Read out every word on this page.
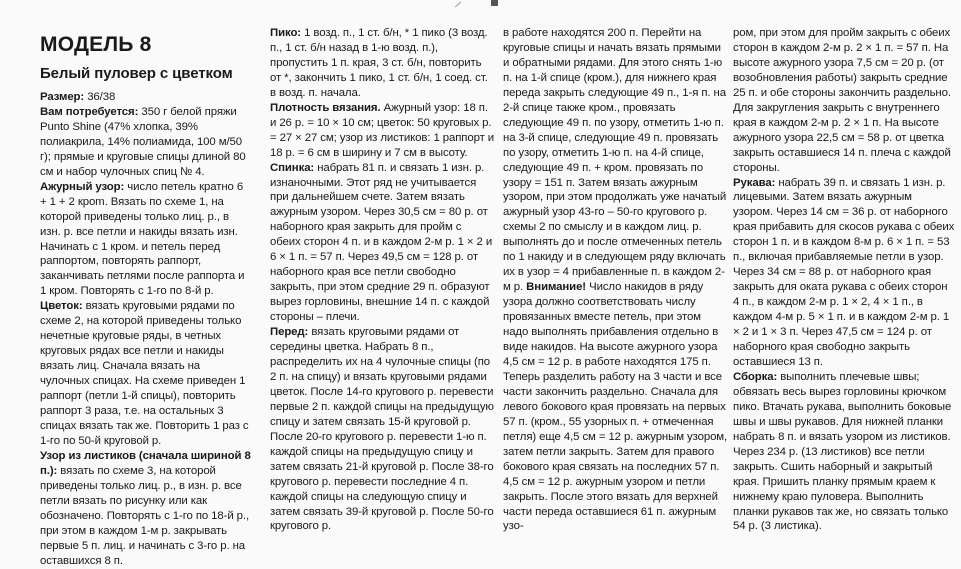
МОДЕЛЬ 8
Белый пуловер с цветком

Размер: 36/38

Вам потребуется: 350 г белой пряжи Punto Shine (47% хлопка, 39% полиакрила, 14% полиамида, 100 м/50 г); прямые и круговые спицы длиной 80 см и набор чулочных спиц № 4.

Ажурный узор: число петель кратно 6 + 1 + 2 крom. Вязать по схеме 1, на которой приведены только лиц. р., в изн. р. все петли и накиды вязать изн. Начинать с 1 кром. и петель перед раппортом, повторять раппорт, заканчивать петлями после раппорта и 1 кром. Повторять с 1-го по 8-й р.

Цветок: вязать круговыми рядами по схеме 2, на которой приведены только нечетные круговые ряды, в четных круговых рядах все петли и накиды вязать лиц. Сначала вязать на чулочных спицах. На схеме приведен 1 раппорт (петли 1-й спицы), повторить раппорт 3 раза, т.е. на остальных 3 спицах вязать так же. Повторить 1 раз с 1-го по 50-й круговой р.

Узор из листиков (сначала шириной 8 п.): вязать по схеме 3, на которой приведены только лиц. р., в изн. р. все петли вязать по рисунку или как обозначено. Повторять с 1-го по 18-й р., при этом в каждом 1-м р. закрывать первые 5 п. лиц. и начинать с 3-го р. на оставшихся 8 п.

Пико: 1 возд. п., 1 ст. б/н, * 1 пико (3 возд. п., 1 ст. б/н назад в 1-ю возд. п.), пропустить 1 п. края, 3 ст. б/н, повторить от *, закончить 1 пико, 1 ст. б/н, 1 соед. ст. в возд. п. начала.

Плотность вязания. Ажурный узор: 18 п. и 26 р. = 10 × 10 см; цветок: 50 круговых р. = 27 × 27 см; узор из листиков: 1 раппорт и 18 р. = 6 см в ширину и 7 см в высоту.

Спинка: набрать 81 п. и связать 1 изн. р. изнаночными. Этот ряд не учитывается при дальнейшем счете. Затем вязать ажурным узором. Через 30,5 см = 80 р. от наборного края закрыть для пройм с обеих сторон 4 п. и в каждом 2-м р. 1 × 2 и 6 × 1 п. = 57 п. Через 49,5 см = 128 р. от наборного края все петли свободно закрыть, при этом средние 29 п. образуют вырез горловины, внешние 14 п. с каждой стороны – плечи.

Перед: вязать круговыми рядами от середины цветка. Набрать 8 п., распределить их на 4 чулочные спицы (по 2 п. на спицу) и вязать круговыми рядами цветок. После 14-го кругового р. перевести первые 2 п. каждой спицы на предыдущую спицу и затем связать 15-й круговой р. После 20-го кругового р. перевести 1-ю п. каждой спицы на предыдущую спицу и затем связать 21-й круговой р. После 38-го кругового р. перевести последние 4 п. каждой спицы на следующую спицу и затем связать 39-й круговой р. После 50-го кругового р.

в работе находятся 200 п. Перейти на круговые спицы и начать вязать прямыми и обратными рядами. Для этого снять 1-ю п. на 1-й спице (кром.), для нижнего края переда закрыть следующие 49 п., 1-я п. на 2-й спице также кром., провязать следующие 49 п. по узору, отметить 1-ю п. на 3-й спице, следующие 49 п. провязать по узору, отметить 1-ю п. на 4-й спице, следующие 49 п. + кром. провязать по узору = 151 п. Затем вязать ажурным узором, при этом продолжать уже начатый ажурный узор 43-го – 50-го кругового р. схемы 2 по смыслу и в каждом лиц. р. выполнять до и после отмеченных петель по 1 накиду и в следующем ряду включать их в узор = 4 прибавленные п. в каждом 2-м р. Внимание! Число накидов в ряду узора должно соответствовать числу провязанных вместе петель, при этом надо выполнять прибавления отдельно в виде накидов. На высоте ажурного узора 4,5 см = 12 р. в работе находятся 175 п. Теперь разделить работу на 3 части и все части закончить раздельно. Сначала для левого бокового края провязать на первых 57 п. (кром., 55 узорных п. + отмеченная петля) еще 4,5 см = 12 р. ажурным узором, затем петли закрыть. Затем для правого бокового края связать на последних 57 п. 4,5 см = 12 р. ажурным узором и петли закрыть. После этого вязать для верхней части переда оставшиеся 61 п. ажурным узо-

ром, при этом для пройм закрыть с обеих сторон в каждом 2-м р. 2 × 1 п. = 57 п. На высоте ажурного узора 7,5 см = 20 р. (от возобновления работы) закрыть средние 25 п. и обе стороны закончить раздельно. Для закругления закрыть с внутреннего края в каждом 2-м р. 2 × 1 п. На высоте ажурного узора 22,5 см = 58 р. от цветка закрыть оставшиеся 14 п. плеча с каждой стороны.

Рукава: набрать 39 п. и связать 1 изн. р. лицевыми. Затем вязать ажурным узором. Через 14 см = 36 р. от наборного края прибавить для скосов рукава с обеих сторон 1 п. и в каждом 8-м р. 6 × 1 п. = 53 п., включая прибавляемые петли в узор. Через 34 см = 88 р. от наборного края закрыть для оката рукава с обеих сторон 4 п., в каждом 2-м р. 1 × 2, 4 × 1 п., в каждом 4-м р. 5 × 1 п. и в каждом 2-м р. 1 × 2 и 1 × 3 п. Через 47,5 см = 124 р. от наборного края свободно закрыть оставшиеся 13 п.

Сборка: выполнить плечевые швы; обвязать весь вырез горловины крючком пико. Втачать рукава, выполнить боковые швы и швы рукавов. Для нижней планки набрать 8 п. и вязать узором из листиков. Через 234 р. (13 листиков) все петли закрыть. Сшить наборный и закрытый края. Пришить планку прямым краем к нижнему краю пуловера. Выполнить планки рукавов так же, но связать только 54 р. (3 листика).
